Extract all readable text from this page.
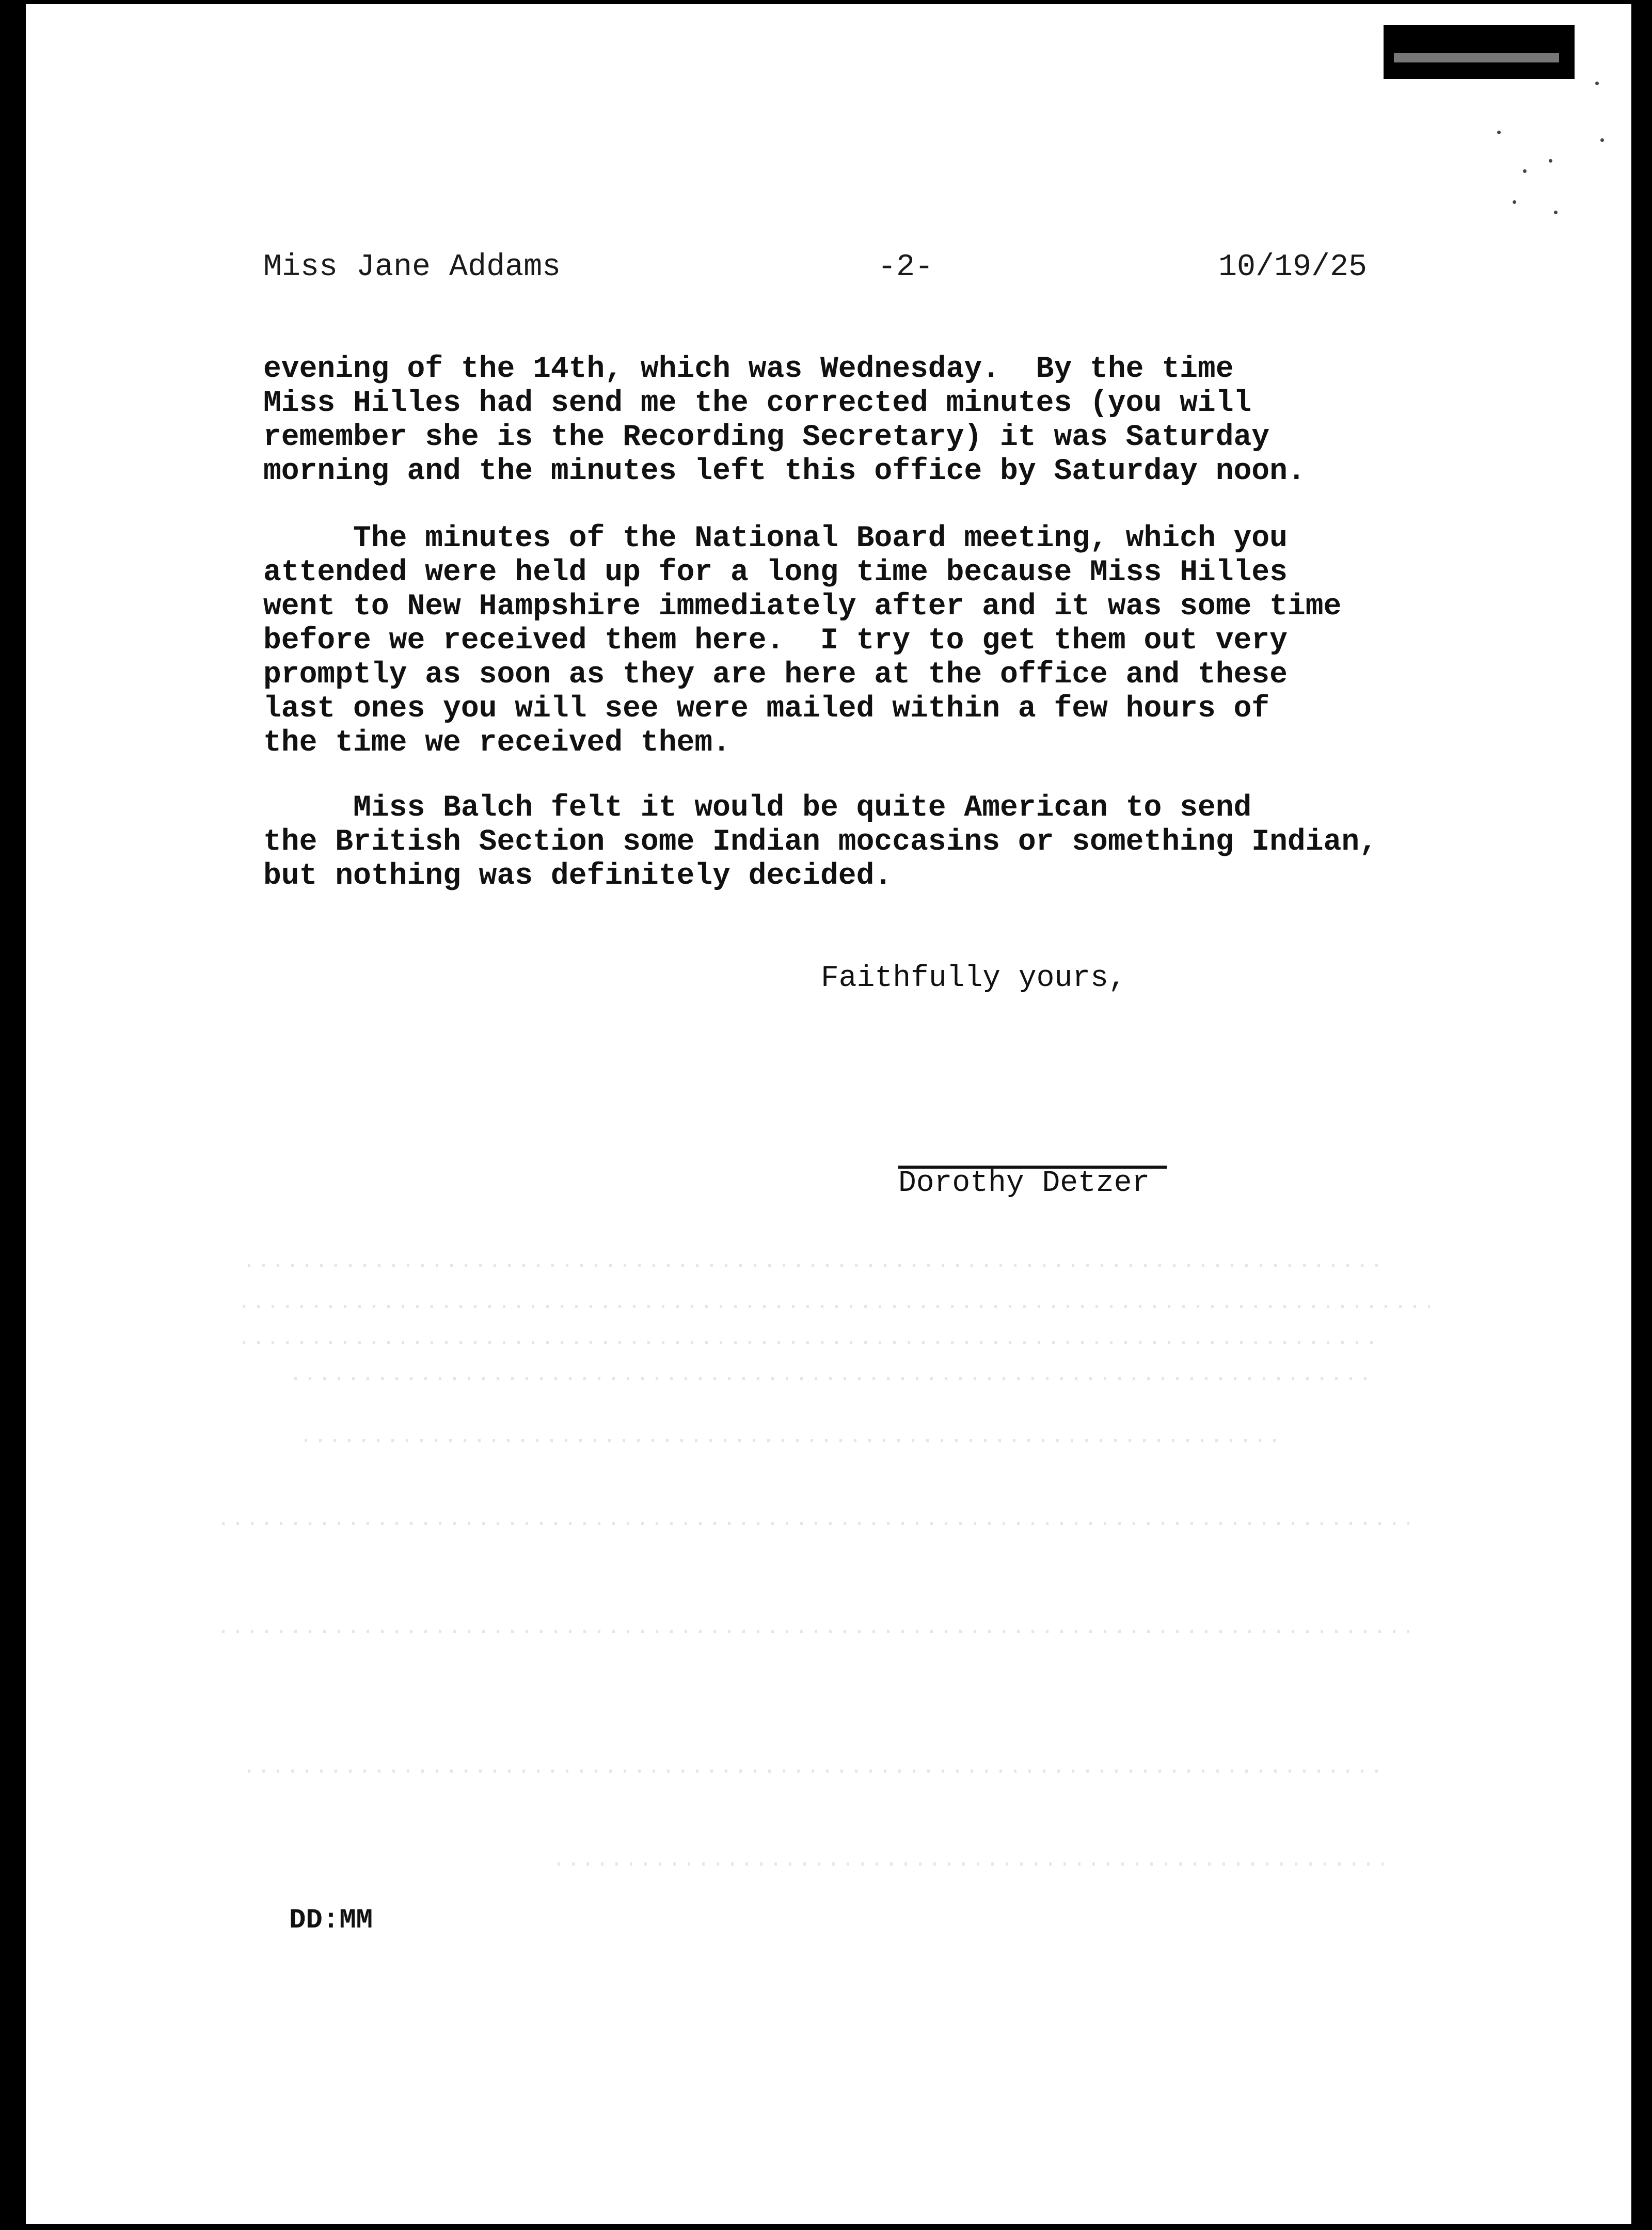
Miss Jane Addams	-2-	10/19/25
evening of the 14th, which was Wednesday.  By the time
Miss Hilles had send me the corrected minutes (you will
remember she is the Recording Secretary) it was Saturday
morning and the minutes left this office by Saturday noon.
The minutes of the National Board meeting, which you
attended were held up for a long time because Miss Hilles
went to New Hampshire immediately after and it was some time
before we received them here.  I try to get them out very
promptly as soon as they are here at the office and these
last ones you will see were mailed within a few hours of
the time we received them.
Miss Balch felt it would be quite American to send
the British Section some Indian moccasins or something Indian,
but nothing was definitely decided.
Faithfully yours,
Dorothy Detzer
DD:MM
